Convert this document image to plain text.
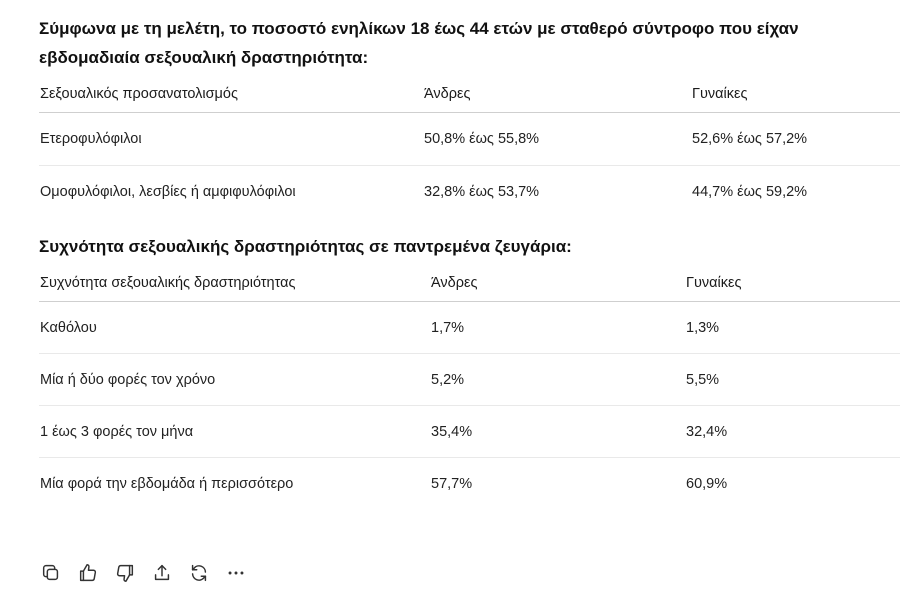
Σύμφωνα με τη μελέτη, το ποσοστό ενηλίκων 18 έως 44 ετών με σταθερό σύντροφο που είχαν εβδομαδιαία σεξουαλική δραστηριότητα:

Σεξουαλικός προσανατολισμός	Άνδρες	Γυναίκες
Ετεροφυλόφιλοι	50,8% έως 55,8%	52,6% έως 57,2%
Ομοφυλόφιλοι, λεσβίες ή αμφιφυλόφιλοι	32,8% έως 53,7%	44,7% έως 59,2%

Συχνότητα σεξουαλικής δραστηριότητας σε παντρεμένα ζευγάρια:

Συχνότητα σεξουαλικής δραστηριότητας	Άνδρες	Γυναίκες
Καθόλου	1,7%	1,3%
Μία ή δύο φορές τον χρόνο	5,2%	5,5%
1 έως 3 φορές τον μήνα	35,4%	32,4%
Μία φορά την εβδομάδα ή περισσότερο	57,7%	60,9%
